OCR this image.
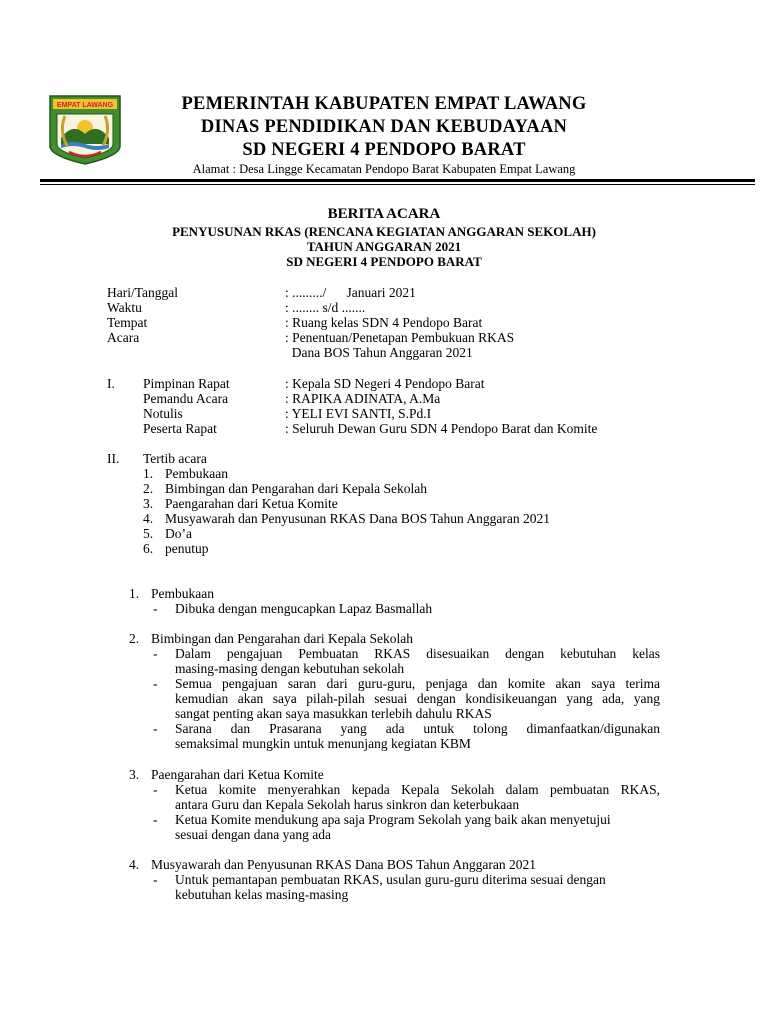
EMPAT LAWANG	PEMERINTAH KABUPATEN EMPAT LAWANG
DINAS PENDIDIKAN DAN KEBUDAYAAN
SD NEGERI 4 PENDOPO BARAT
Alamat : Desa Lingge Kecamatan Pendopo Barat Kabupaten Empat Lawang
BERITA ACARA
PENYUSUNAN RKAS (RENCANA KEGIATAN ANGGARAN SEKOLAH)
TAHUN ANGGARAN 2021
SD NEGERI 4 PENDOPO BARAT
Hari/Tanggal	: ........./      Januari 2021
Waktu	: ........ s/d .......
Tempat	: Ruang kelas SDN 4 Pendopo Barat
Acara	: Penentuan/Penetapan Pembukuan RKAS
Dana BOS Tahun Anggaran 2021
I. Pimpinan Rapat	: Kepala SD Negeri 4 Pendopo Barat
Pemandu Acara	: RAPIKA ADINATA, A.Ma
Notulis	: YELI EVI SANTI, S.Pd.I
Peserta Rapat	: Seluruh Dewan Guru SDN 4 Pendopo Barat dan Komite
II. Tertib acara
1. Pembukaan
2. Bimbingan dan Pengarahan dari Kepala Sekolah
3. Paengarahan dari Ketua Komite
4. Musyawarah dan Penyusunan RKAS Dana BOS Tahun Anggaran 2021
5. Do’a
6. penutup
1. Pembukaan
- Dibuka dengan mengucapkan Lapaz Basmallah
2. Bimbingan dan Pengarahan dari Kepala Sekolah
- Dalam pengajuan Pembuatan RKAS disesuaikan dengan kebutuhan kelas
masing-masing dengan kebutuhan sekolah
- Semua pengajuan saran dari guru-guru, penjaga dan komite akan saya terima
kemudian akan saya pilah-pilah sesuai dengan kondisikeuangan yang ada, yang
sangat penting akan saya masukkan terlebih dahulu RKAS
- Sarana dan Prasarana yang ada untuk tolong dimanfaatkan/digunakan
semaksimal mungkin untuk menunjang kegiatan KBM
3. Paengarahan dari Ketua Komite
- Ketua komite menyerahkan kepada Kepala Sekolah dalam pembuatan RKAS,
antara Guru dan Kepala Sekolah harus sinkron dan keterbukaan
- Ketua Komite mendukung apa saja Program Sekolah yang baik akan menyetujui
sesuai dengan dana yang ada
4. Musyawarah dan Penyusunan RKAS Dana BOS Tahun Anggaran 2021
- Untuk pemantapan pembuatan RKAS, usulan guru-guru diterima sesuai dengan
kebutuhan kelas masing-masing
